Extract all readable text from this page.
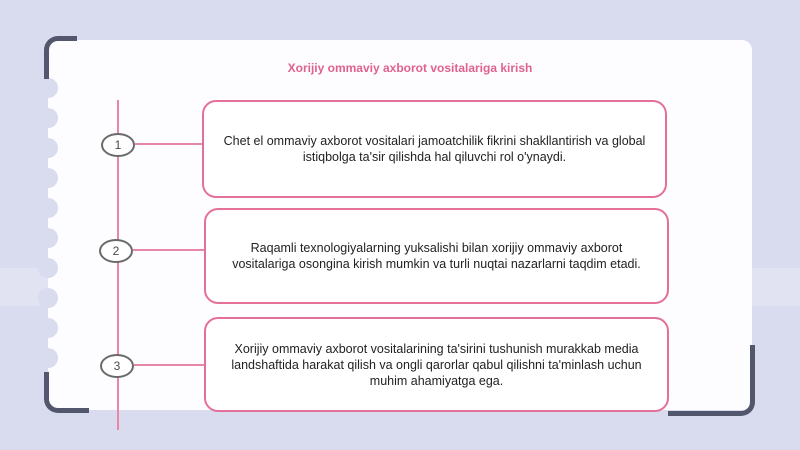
Xorijiy ommaviy axborot vositalariga kirish
1
2
3
Chet el ommaviy axborot vositalari jamoatchilik fikrini shakllantirish va global istiqbolga ta'sir qilishda hal qiluvchi rol o'ynaydi.
Raqamli texnologiyalarning yuksalishi bilan xorijiy ommaviy axborot vositalariga osongina kirish mumkin va turli nuqtai nazarlarni taqdim etadi.
Xorijiy ommaviy axborot vositalarining ta'sirini tushunish murakkab media landshaftida harakat qilish va ongli qarorlar qabul qilishni ta'minlash uchun muhim ahamiyatga ega.
